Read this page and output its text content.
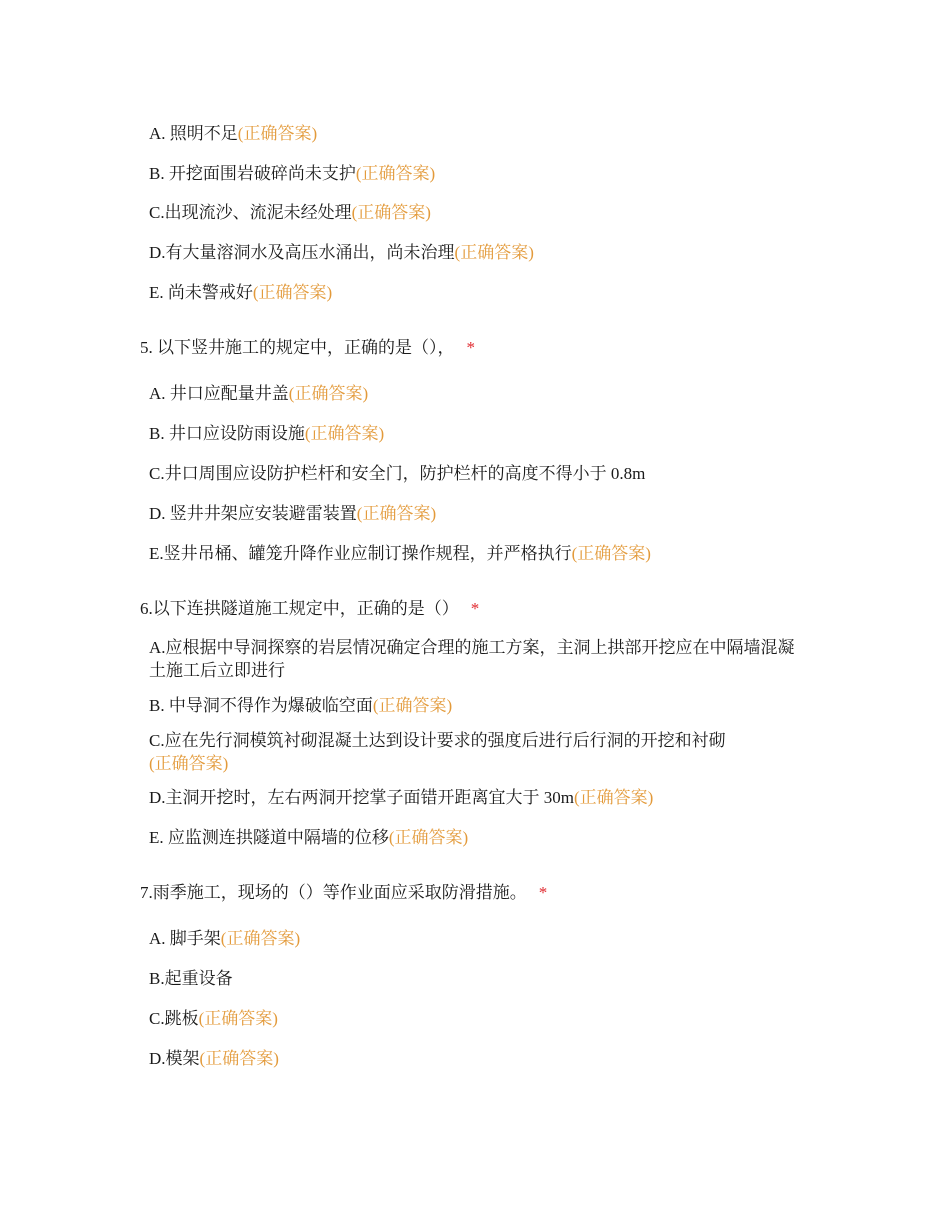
A. 照明不足(正确答案)
B. 开挖面围岩破碎尚未支护(正确答案)
C.出现流沙、流泥未经处理(正确答案)
D.有大量溶洞水及高压水涌出，尚未治理(正确答案)
E. 尚未警戒好(正确答案)
5. 以下竖井施工的规定中，正确的是（）， *
A. 井口应配量井盖(正确答案)
B. 井口应设防雨设施(正确答案)
C.井口周围应设防护栏杆和安全门，防护栏杆的高度不得小于 0.8m
D. 竖井井架应安装避雷装置(正确答案)
E.竖井吊桶、罐笼升降作业应制订操作规程，并严格执行(正确答案)
6.以下连拱隧道施工规定中，正确的是（） *
A.应根据中导洞探察的岩层情况确定合理的施工方案，主洞上拱部开挖应在中隔墙混凝土施工后立即进行
B. 中导洞不得作为爆破临空面(正确答案)
C.应在先行洞模筑衬砌混凝土达到设计要求的强度后进行后行洞的开挖和衬砌
(正确答案)
D.主洞开挖时，左右两洞开挖掌子面错开距离宜大于 30m(正确答案)
E. 应监测连拱隧道中隔墙的位移(正确答案)
7.雨季施工，现场的（）等作业面应采取防滑措施。 *
A. 脚手架(正确答案)
B.起重设备
C.跳板(正确答案)
D.模架(正确答案)
